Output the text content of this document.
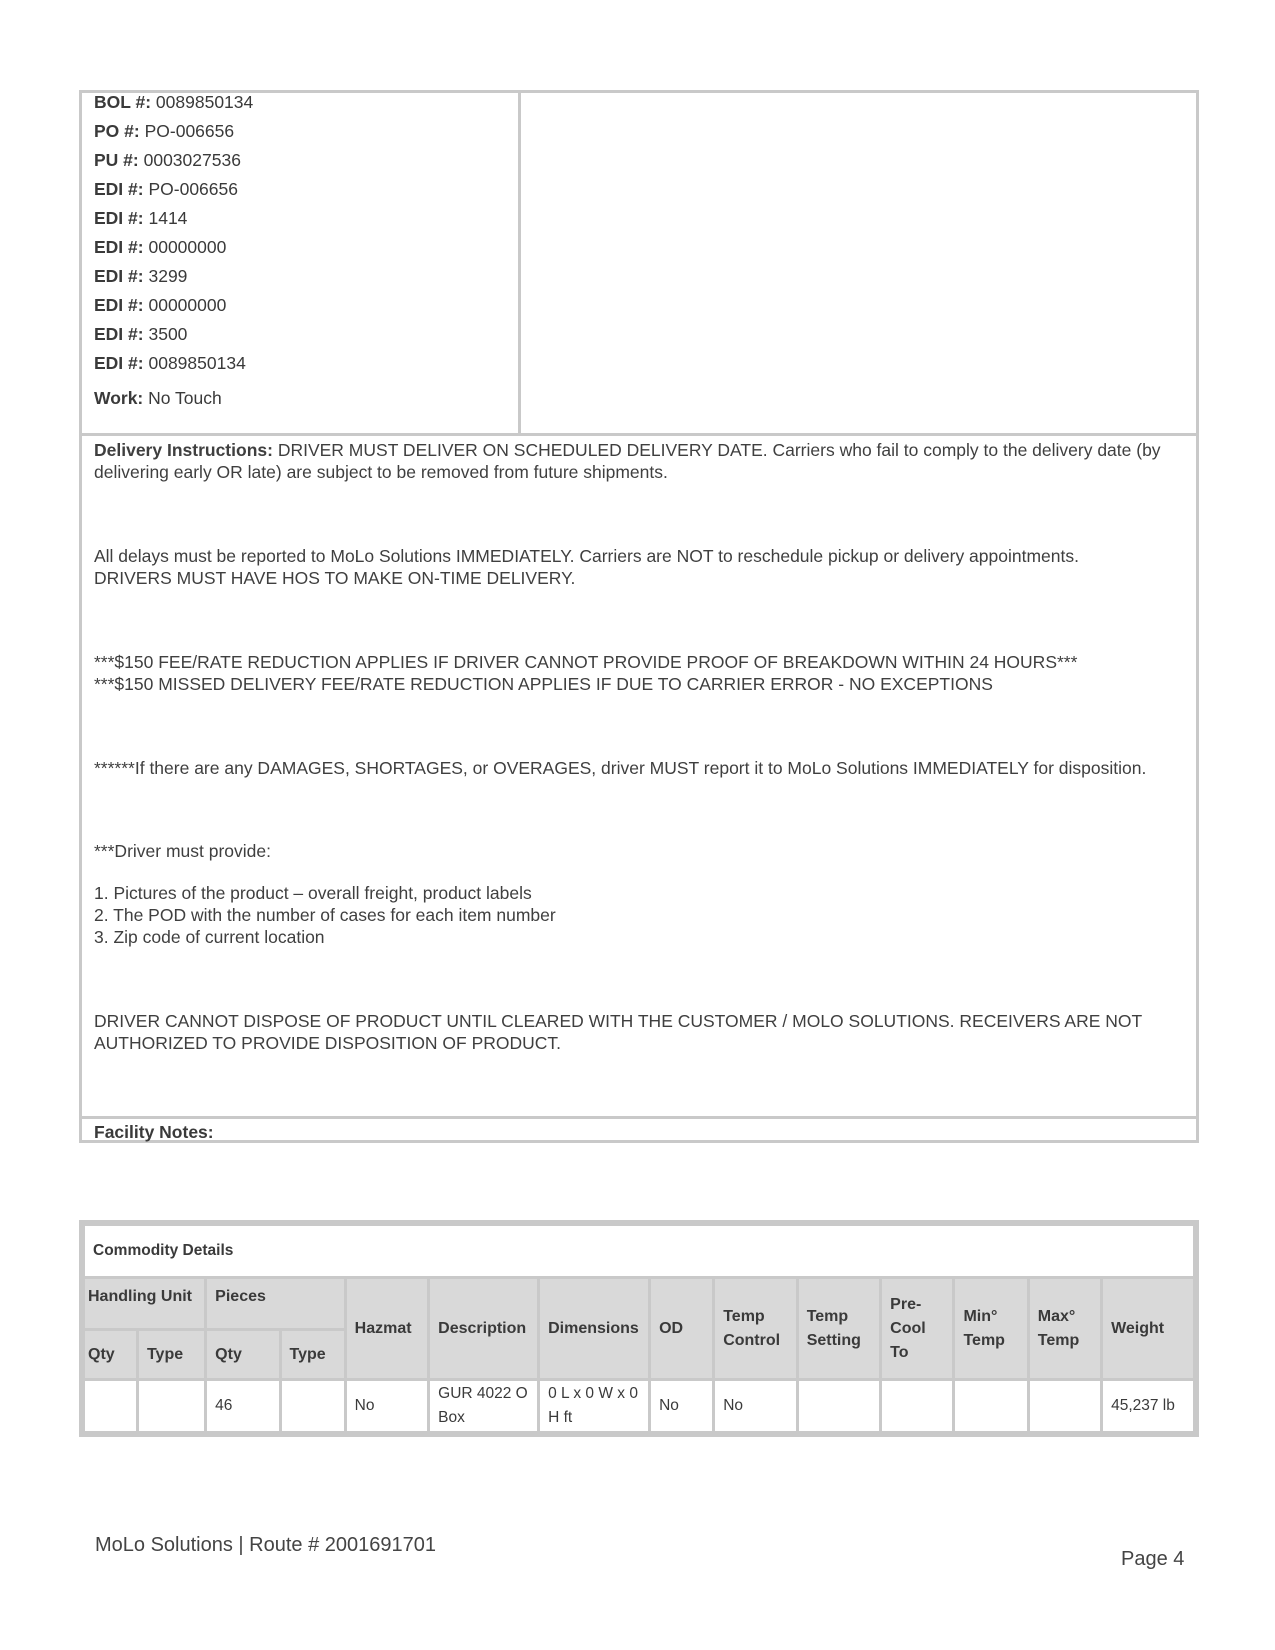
BOL #: 0089850134
PO #: PO-006656
PU #: 0003027536
EDI #: PO-006656
EDI #: 1414
EDI #: 00000000
EDI #: 3299
EDI #: 00000000
EDI #: 3500
EDI #: 0089850134
Work: No Touch

Delivery Instructions: DRIVER MUST DELIVER ON SCHEDULED DELIVERY DATE. Carriers who fail to comply to the delivery date (by delivering early OR late) are subject to be removed from future shipments.

All delays must be reported to MoLo Solutions IMMEDIATELY. Carriers are NOT to reschedule pickup or delivery appointments.

DRIVERS MUST HAVE HOS TO MAKE ON-TIME DELIVERY.

***$150 FEE/RATE REDUCTION APPLIES IF DRIVER CANNOT PROVIDE PROOF OF BREAKDOWN WITHIN 24 HOURS***

***$150 MISSED DELIVERY FEE/RATE REDUCTION APPLIES IF DUE TO CARRIER ERROR - NO EXCEPTIONS

******If there are any DAMAGES, SHORTAGES, or OVERAGES, driver MUST report it to MoLo Solutions IMMEDIATELY for disposition.

***Driver must provide:

1. Pictures of the product – overall freight, product labels

2. The POD with the number of cases for each item number

3. Zip code of current location

DRIVER CANNOT DISPOSE OF PRODUCT UNTIL CLEARED WITH THE CUSTOMER / MOLO SOLUTIONS. RECEIVERS ARE NOT AUTHORIZED TO PROVIDE DISPOSITION OF PRODUCT.

Facility Notes:
Commodity Details													
Handling Unit		Pieces		Hazmat	Description	Dimensions	OD	Temp Control	Temp Setting	Pre-Cool To	Min° Temp	Max° Temp	Weight
Qty	Type	Qty	Type										
		46		No	GUR 4022 O Box	0 L x 0 W x 0 H ft	No	No					45,237 lb
MoLo Solutions | Route # 2001691701
Page 4
